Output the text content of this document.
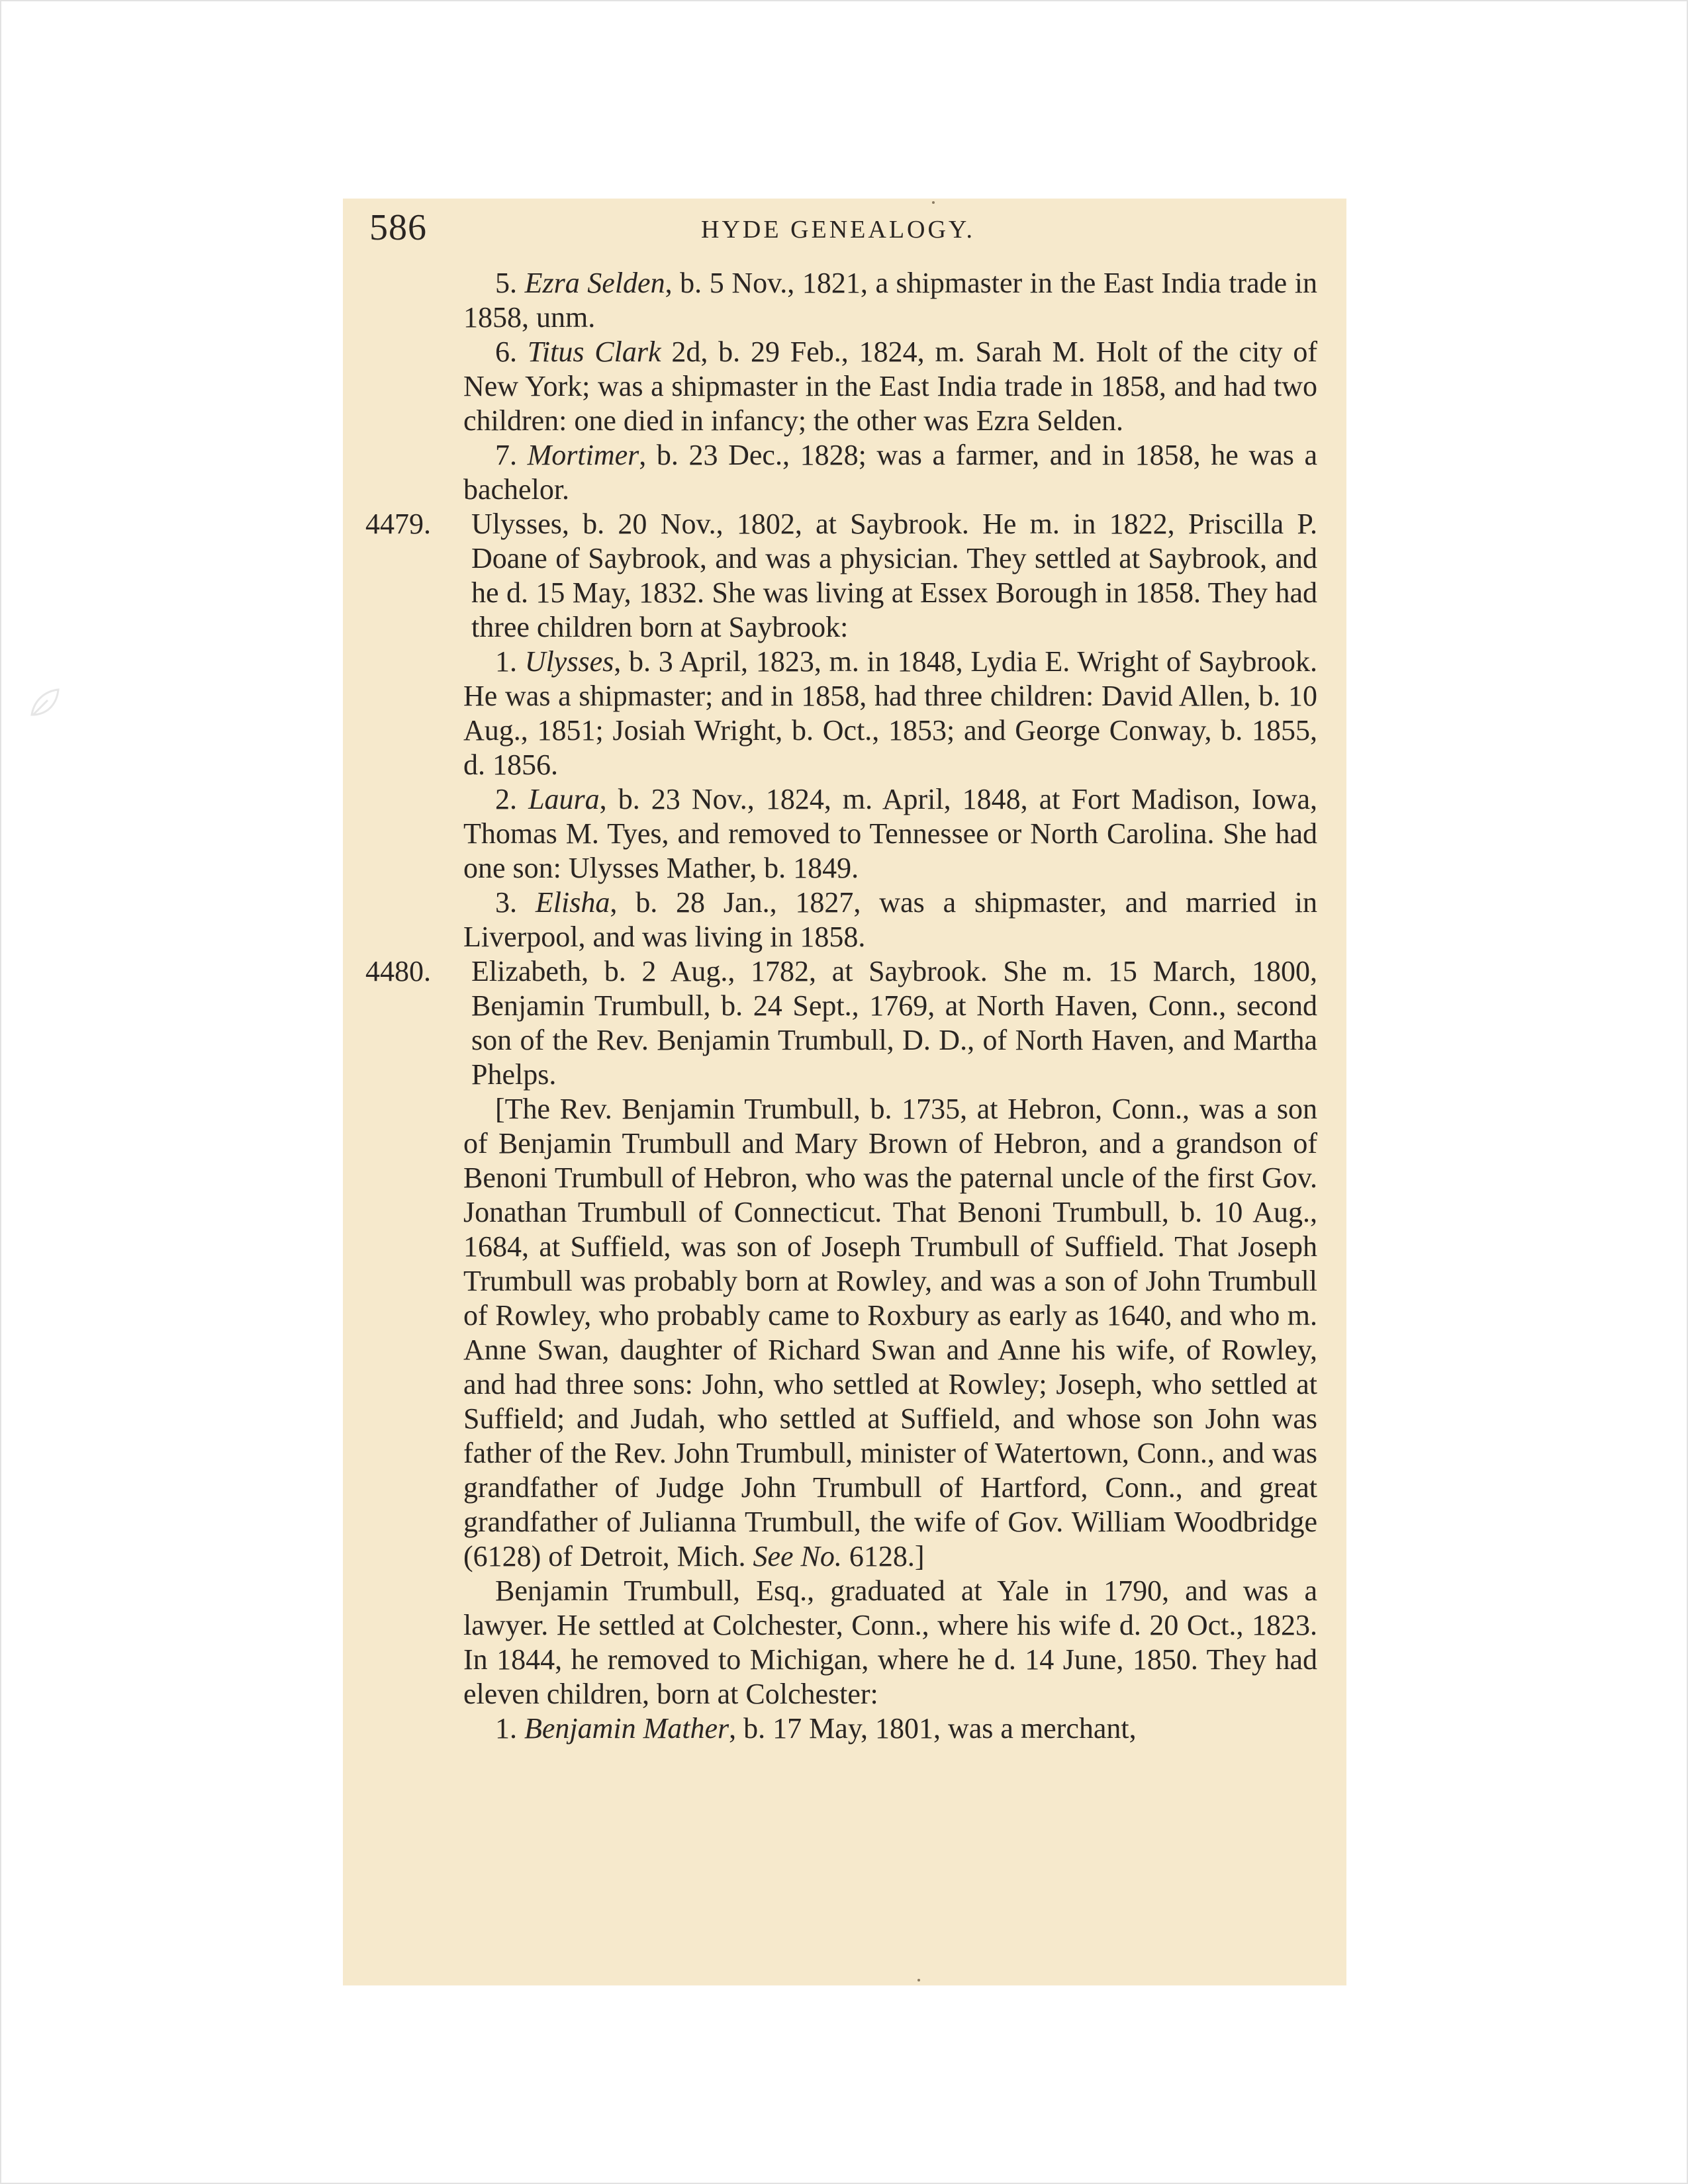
586	HYDE GENEALOGY.

5. Ezra Selden, b. 5 Nov., 1821, a shipmaster in the East India trade in 1858, unm.

6. Titus Clark 2d, b. 29 Feb., 1824, m. Sarah M. Holt of the city of New York; was a shipmaster in the East India trade in 1858, and had two children: one died in infancy; the other was Ezra Selden.

7. Mortimer, b. 23 Dec., 1828; was a farmer, and in 1858, he was a bachelor.

4479. Ulysses, b. 20 Nov., 1802, at Saybrook. He m. in 1822, Priscilla P. Doane of Saybrook, and was a physician. They settled at Saybrook, and he d. 15 May, 1832. She was living at Essex Borough in 1858. They had three children born at Saybrook:

1. Ulysses, b. 3 April, 1823, m. in 1848, Lydia E. Wright of Saybrook. He was a shipmaster; and in 1858, had three children: David Allen, b. 10 Aug., 1851; Josiah Wright, b. Oct., 1853; and George Conway, b. 1855, d. 1856.

2. Laura, b. 23 Nov., 1824, m. April, 1848, at Fort Madison, Iowa, Thomas M. Tyes, and removed to Tennessee or North Carolina. She had one son: Ulysses Mather, b. 1849.

3. Elisha, b. 28 Jan., 1827, was a shipmaster, and married in Liverpool, and was living in 1858.

4480. Elizabeth, b. 2 Aug., 1782, at Saybrook. She m. 15 March, 1800, Benjamin Trumbull, b. 24 Sept., 1769, at North Haven, Conn., second son of the Rev. Benjamin Trumbull, D. D., of North Haven, and Martha Phelps.

[The Rev. Benjamin Trumbull, b. 1735, at Hebron, Conn., was a son of Benjamin Trumbull and Mary Brown of Hebron, and a grandson of Benoni Trumbull of Hebron, who was the paternal uncle of the first Gov. Jonathan Trumbull of Connecticut. That Benoni Trumbull, b. 10 Aug., 1684, at Suffield, was son of Joseph Trumbull of Suffield. That Joseph Trumbull was probably born at Rowley, and was a son of John Trumbull of Rowley, who probably came to Roxbury as early as 1640, and who m. Anne Swan, daughter of Richard Swan and Anne his wife, of Rowley, and had three sons: John, who settled at Rowley; Joseph, who settled at Suffield; and Judah, who settled at Suffield, and whose son John was father of the Rev. John Trumbull, minister of Watertown, Conn., and was grandfather of Judge John Trumbull of Hartford, Conn., and great grandfather of Julianna Trumbull, the wife of Gov. William Woodbridge (6128) of Detroit, Mich. See No. 6128.]

Benjamin Trumbull, Esq., graduated at Yale in 1790, and was a lawyer. He settled at Colchester, Conn., where his wife d. 20 Oct., 1823. In 1844, he removed to Michigan, where he d. 14 June, 1850. They had eleven children, born at Colchester:

1. Benjamin Mather, b. 17 May, 1801, was a merchant,
